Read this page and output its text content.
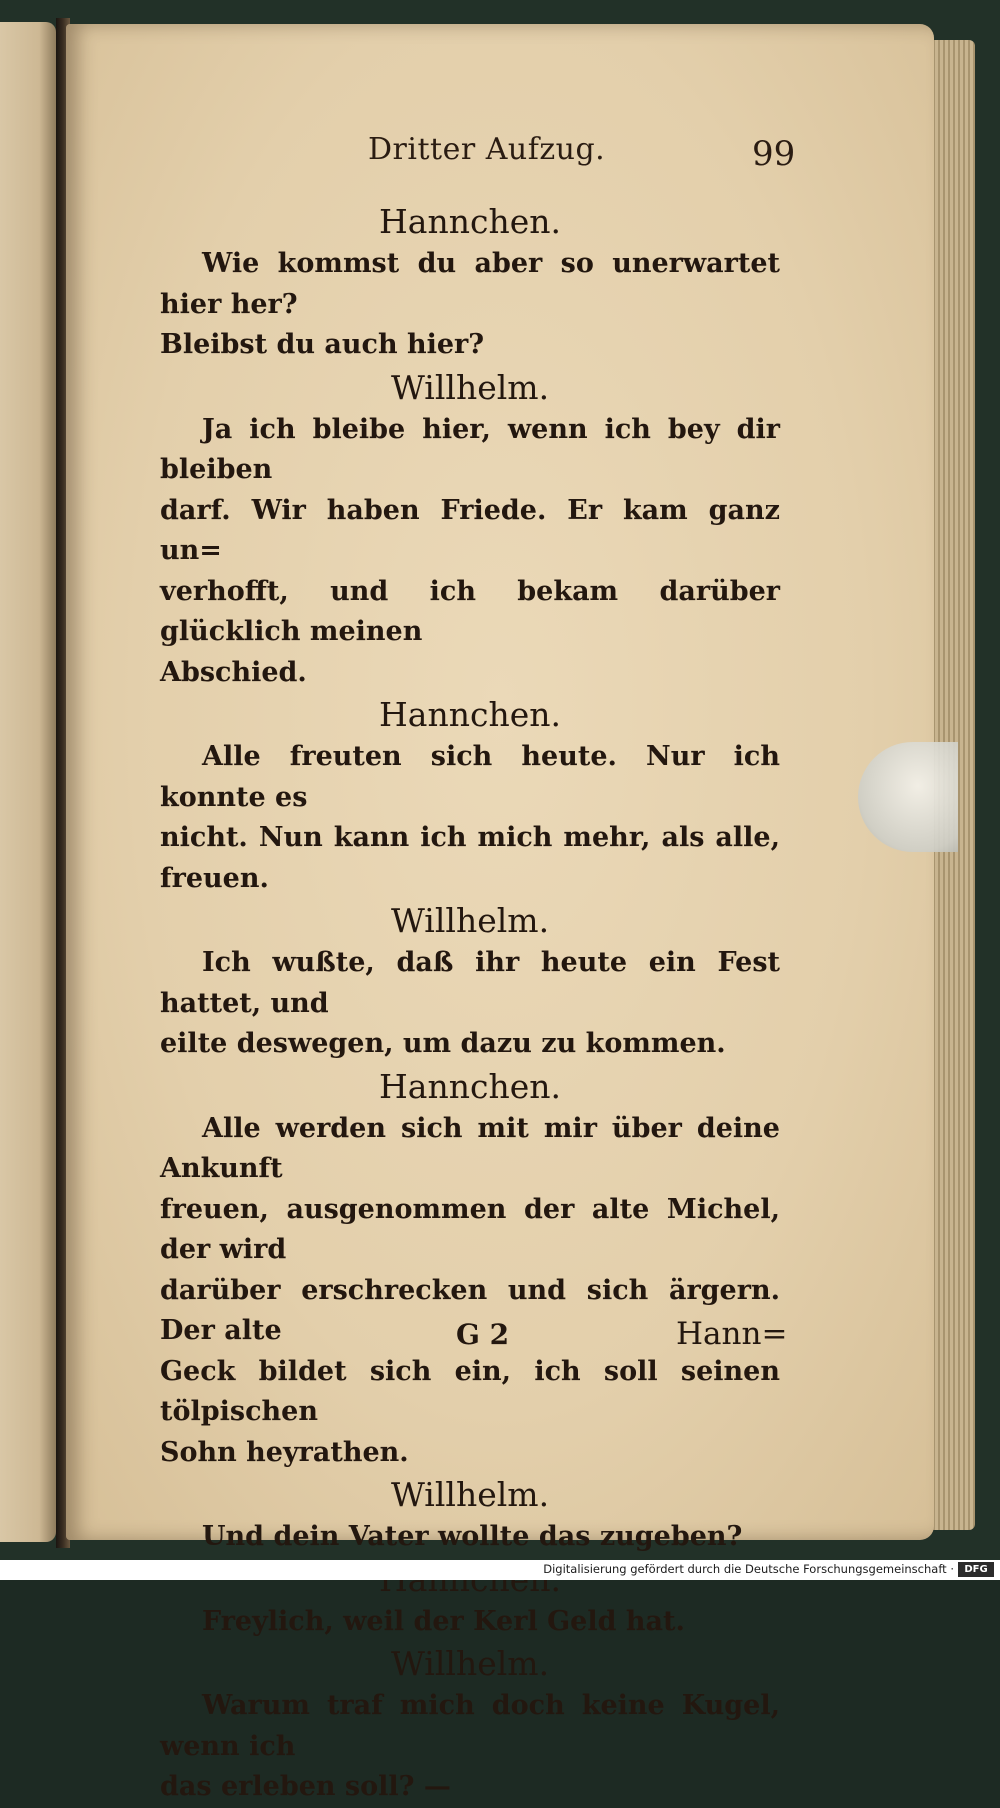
Dritter Aufzug.	99

Hannchen.

Wie kommst du aber so unerwartet hier her?

Bleibst du auch hier?

Willhelm.

Ja ich bleibe hier, wenn ich bey dir bleiben

darf. Wir haben Friede. Er kam ganz un=

verhofft, und ich bekam darüber glücklich meinen

Abschied.

Hannchen.

Alle freuten sich heute. Nur ich konnte es

nicht. Nun kann ich mich mehr, als alle, freuen.

Willhelm.

Ich wußte, daß ihr heute ein Fest hattet, und

eilte deswegen, um dazu zu kommen.

Hannchen.

Alle werden sich mit mir über deine Ankunft

freuen, ausgenommen der alte Michel, der wird

darüber erschrecken und sich ärgern. Der alte

Geck bildet sich ein, ich soll seinen tölpischen

Sohn heyrathen.

Willhelm.

Und dein Vater wollte das zugeben?

Freylich, weil der Kerl Geld hat.

Willhelm.

Warum traf mich doch keine Kugel, wenn ich

das erleben soll? —

G 2	Hann=
Digitalisierung gefördert durch die Deutsche Forschungsgemeinschaft ·	DFG
